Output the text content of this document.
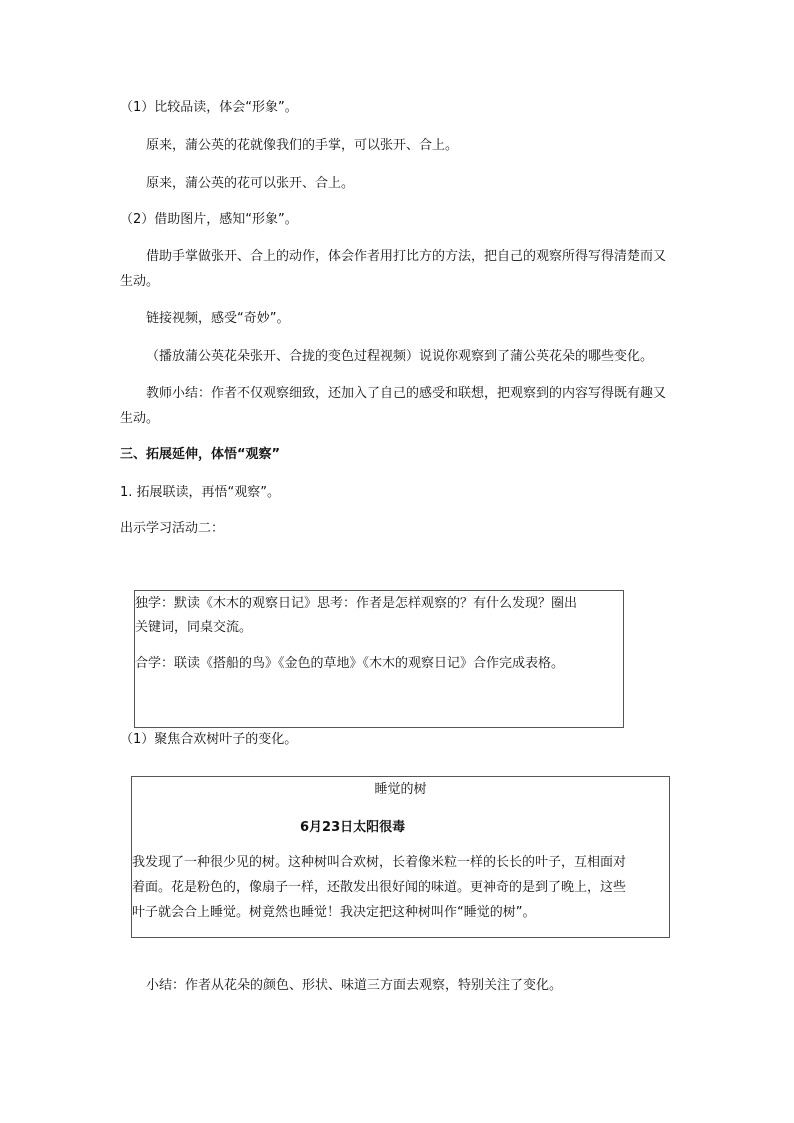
（1）比较品读，体会“形象”。
原来，蒲公英的花就像我们的手掌，可以张开、合上。
原来，蒲公英的花可以张开、合上。
（2）借助图片，感知“形象”。
借助手掌做张开、合上的动作，体会作者用打比方的方法，把自己的观察所得写得清楚而又生动。
链接视频，感受“奇妙”。
（播放蒲公英花朵张开、合拢的变色过程视频）说说你观察到了蒲公英花朵的哪些变化。
教师小结：作者不仅观察细致，还加入了自己的感受和联想，把观察到的内容写得既有趣又生动。
三、拓展延伸，体悟“观察”
1. 拓展联读，再悟“观察”。
出示学习活动二：
独学：默读《木木的观察日记》思考：作者是怎样观察的？有什么发现？圈出
关键词，同桌交流。
合学：联读《搭船的鸟》《金色的草地》《木木的观察日记》合作完成表格。
（1）聚焦合欢树叶子的变化。
睡觉的树
6月23日太阳很毒
我发现了一种很少见的树。这种树叫合欢树，长着像米粒一样的长长的叶子，互相面对
着面。花是粉色的，像扇子一样，还散发出很好闻的味道。更神奇的是到了晚上，这些
叶子就会合上睡觉。树竟然也睡觉！我决定把这种树叫作“睡觉的树”。
小结：作者从花朵的颜色、形状、味道三方面去观察，特别关注了变化。
